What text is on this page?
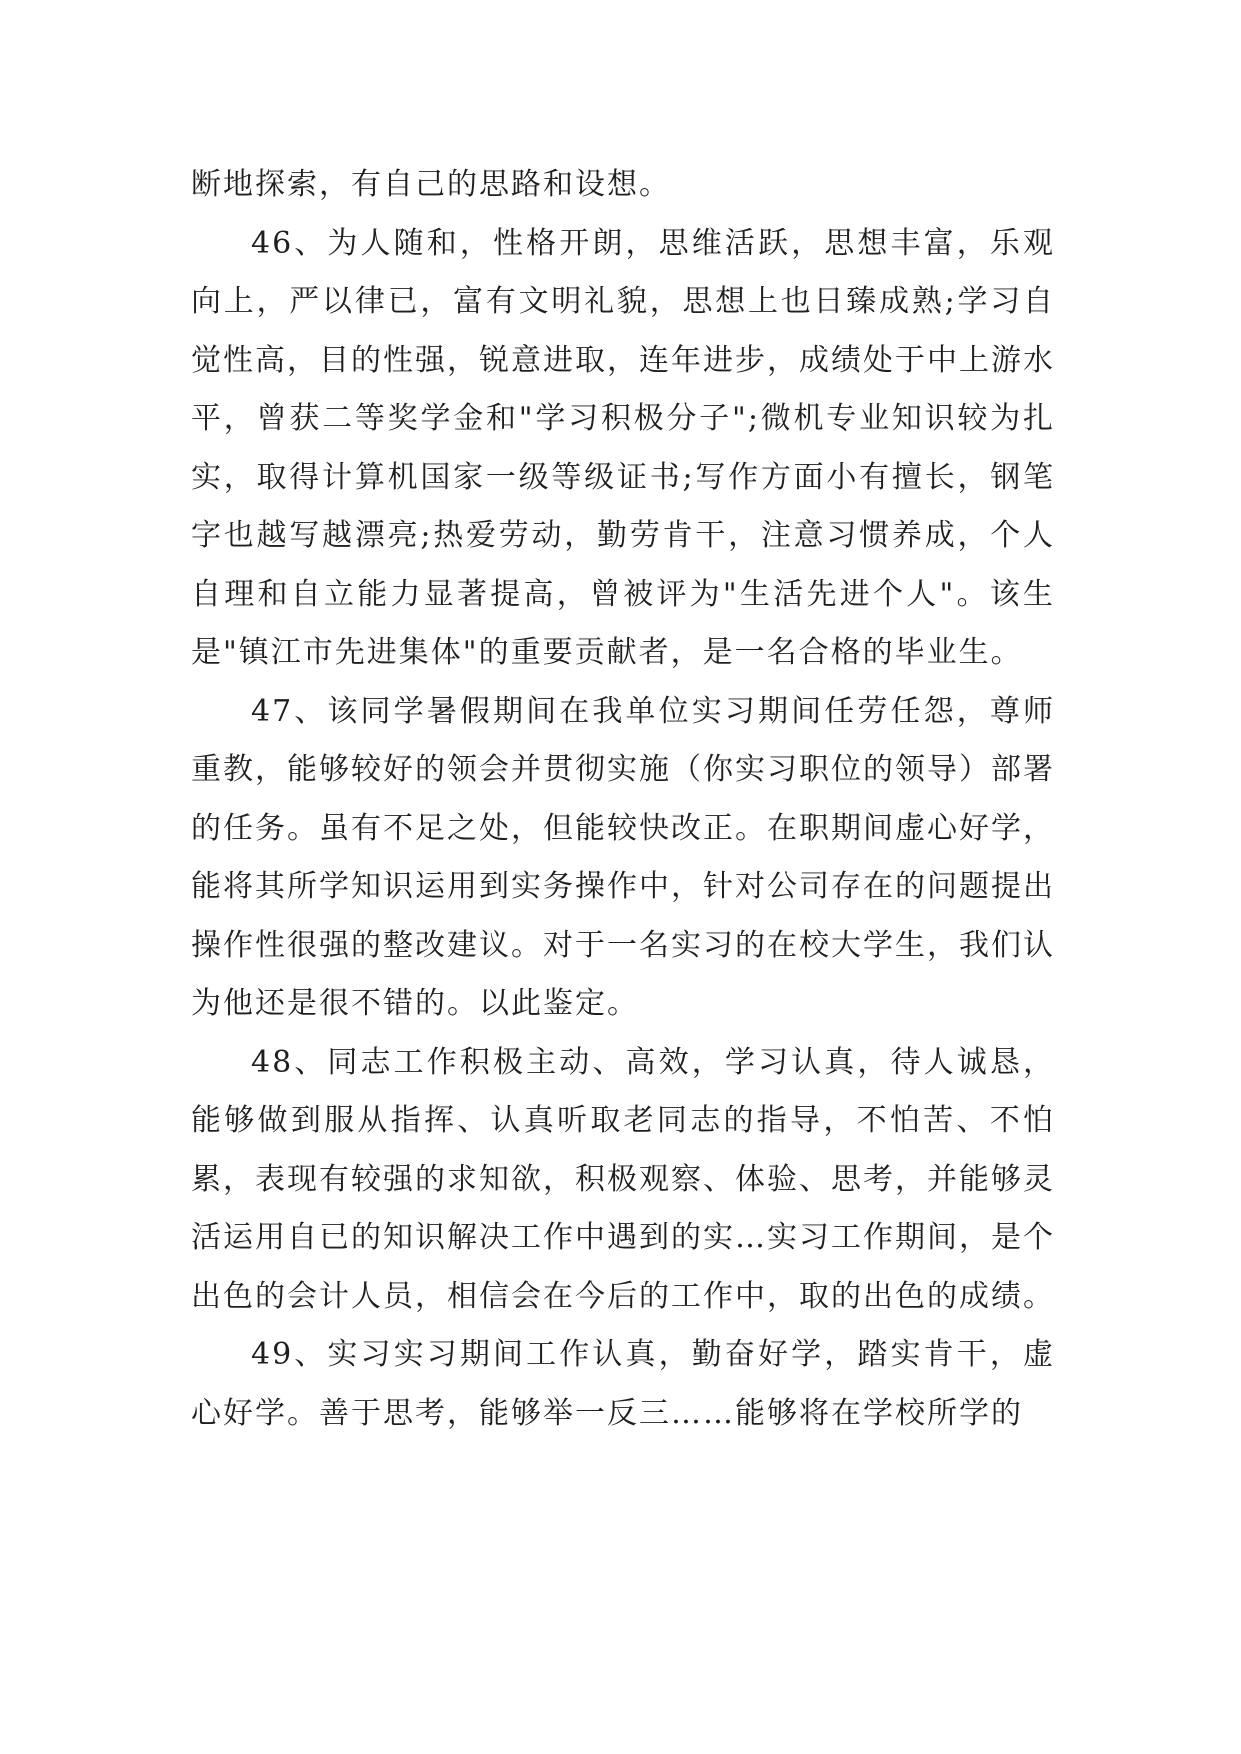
断地探索，有自己的思路和设想。

46、为人随和，性格开朗，思维活跃，思想丰富，乐观向上，严以律已，富有文明礼貌，思想上也日臻成熟;学习自觉性高，目的性强，锐意进取，连年进步，成绩处于中上游水平，曾获二等奖学金和"学习积极分子";微机专业知识较为扎实，取得计算机国家一级等级证书;写作方面小有擅长，钢笔字也越写越漂亮;热爱劳动，勤劳肯干，注意习惯养成，个人自理和自立能力显著提高，曾被评为"生活先进个人"。该生是"镇江市先进集体"的重要贡献者，是一名合格的毕业生。

47、该同学暑假期间在我单位实习期间任劳任怨，尊师重教，能够较好的领会并贯彻实施（你实习职位的领导）部署的任务。虽有不足之处，但能较快改正。在职期间虚心好学，能将其所学知识运用到实务操作中，针对公司存在的问题提出操作性很强的整改建议。对于一名实习的在校大学生，我们认为他还是很不错的。以此鉴定。

48、同志工作积极主动、高效，学习认真，待人诚恳，能够做到服从指挥、认真听取老同志的指导，不怕苦、不怕累，表现有较强的求知欲，积极观察、体验、思考，并能够灵活运用自已的知识解决工作中遇到的实…实习工作期间，是个出色的会计人员，相信会在今后的工作中，取的出色的成绩。

49、实习实习期间工作认真，勤奋好学，踏实肯干，虚心好学。善于思考，能够举一反三……能够将在学校所学的
